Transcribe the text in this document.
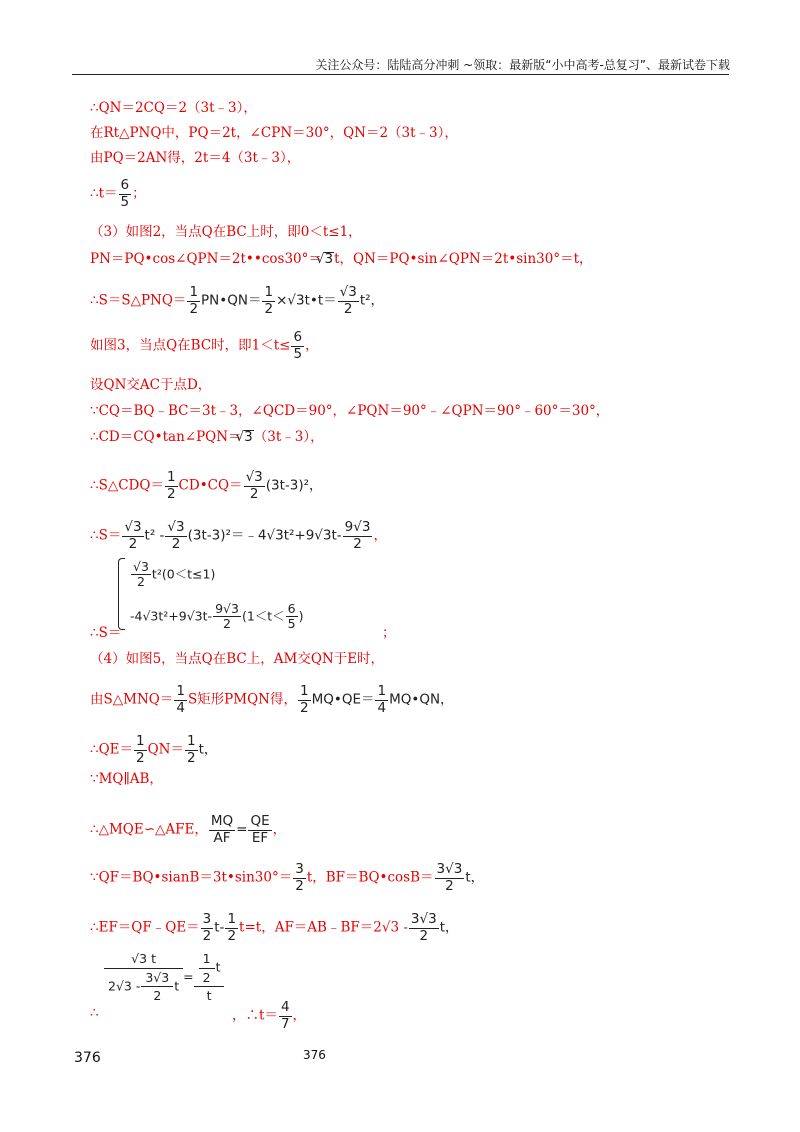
关注公众号：陆陆高分冲刺 ~领取：最新版“小中高考-总复习”、最新试卷下载
∴QN＝2CQ＝2（3t﹣3），
在Rt△PNQ中，PQ＝2t，∠CPN＝30°，QN＝2（3t﹣3），
由PQ＝2AN得，2t＝4（3t﹣3），
∴t＝ $\frac{6}{5}$ ；
（3）如图2，当点Q在BC上时，即0＜t≤1，
PN＝PQ•cos∠QPN＝2t••cos30°＝ √ 3t，QN＝PQ•sin∠QPN＝2t•sin30°＝t，
∴S＝S△PNQ＝ $\frac{1}{2}$ PN•QN＝ $\frac{1}{2}$ ×√3t•t＝ $\frac{√3}{2} t^2$，
如图3，当点Q在BC时，即$1<t\le \frac{6}{5}$ ，
设QN交AC于点D，
∵CQ＝BQ﹣BC＝3t﹣3，∠QCD＝90°，∠PQN＝90°﹣∠QPN＝90°﹣60°＝30°，
∴CD＝CQ•tan∠PQN＝ √ 3（3t﹣3），
∴S△CDQ＝ $\frac{1}{2}$ CD•CQ＝ $\frac{√3}{2} (3t-3)^2$，
∴S＝ $\frac{√3}{2} t^2 - \frac{√3}{2}$ (3t-3)²＝﹣4√3t²+9√3t- $\frac{9√3}{2}$ ，
$\frac{√3}{2} t^2(0<t\le 1)$
$-4√3t^2+9√3t- \frac{9√3}{2} (1<t< \frac{6}{5}$ )
∴S＝	；
（4）如图5，当点Q在BC上，AM交QN于E时，
由S△MNQ＝ $\frac{1}{4}$ S矩形PMQN得， $\frac{1}{2}$ MQ•QE＝ $\frac{1}{4}$ MQ•QN，
∴QE＝ $\frac{1}{2} QN= \frac{1}{2}$ t，
∵MQ∥AB，
∴△MQE∽△AFE， $\frac{MQ}{AF} = \frac{QE}{EF}$ ，
∵QF＝BQ•sianB＝3t•sin30°＝ $\frac{3}{2}$ t，BF＝BQ•cosB＝ $\frac{3√3}{2}$ t，
∴EF＝QF﹣QE＝ $\frac{3}{2} t- \frac{1}{2} t=t$，AF＝AB﹣BF＝2√3 - $\frac{3√3}{2}$ t，
$\frac{√3 t}{2√3 - \frac{3√3}{2} t} = \frac{\frac{1}{2} t}{t}$
∴	，∴t＝ $\frac{4}{7}$ ，
376	376
